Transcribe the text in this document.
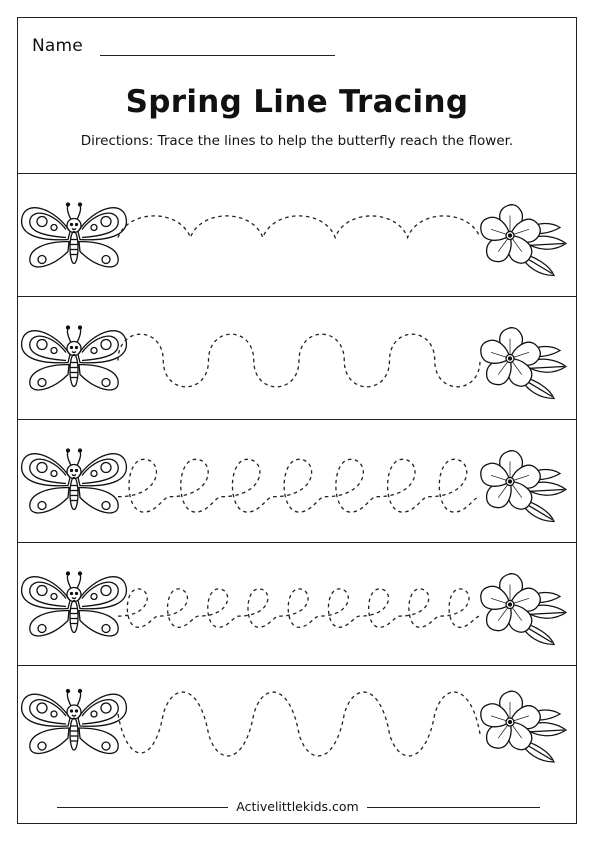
Name
Spring Line Tracing
Directions: Trace the lines to help the butterfly reach the flower.
Activelittlekids.com
